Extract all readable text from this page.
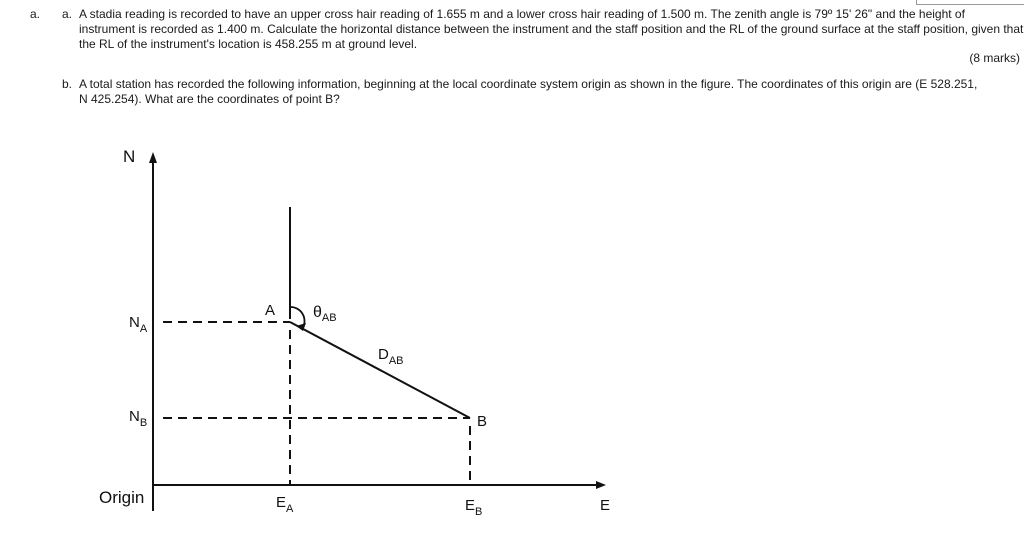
a. a. A stadia reading is recorded to have an upper cross hair reading of 1.655 m and a lower cross hair reading of 1.500 m. The zenith angle is 79º 15' 26" and the height of instrument is recorded as 1.400 m. Calculate the horizontal distance between the instrument and the staff position and the RL of the ground surface at the staff position, given that the RL of the instrument's location is 458.255 m at ground level.
(8 marks)
b. A total station has recorded the following information, beginning at the local coordinate system origin as shown in the figure. The coordinates of this origin are (E 528.251, N 425.254). What are the coordinates of point B?
N
E
Origin
$N_A$
$N_B$
$E_A$	$E_B$
A
B
$\theta_{AB}$
$D_{AB}$
